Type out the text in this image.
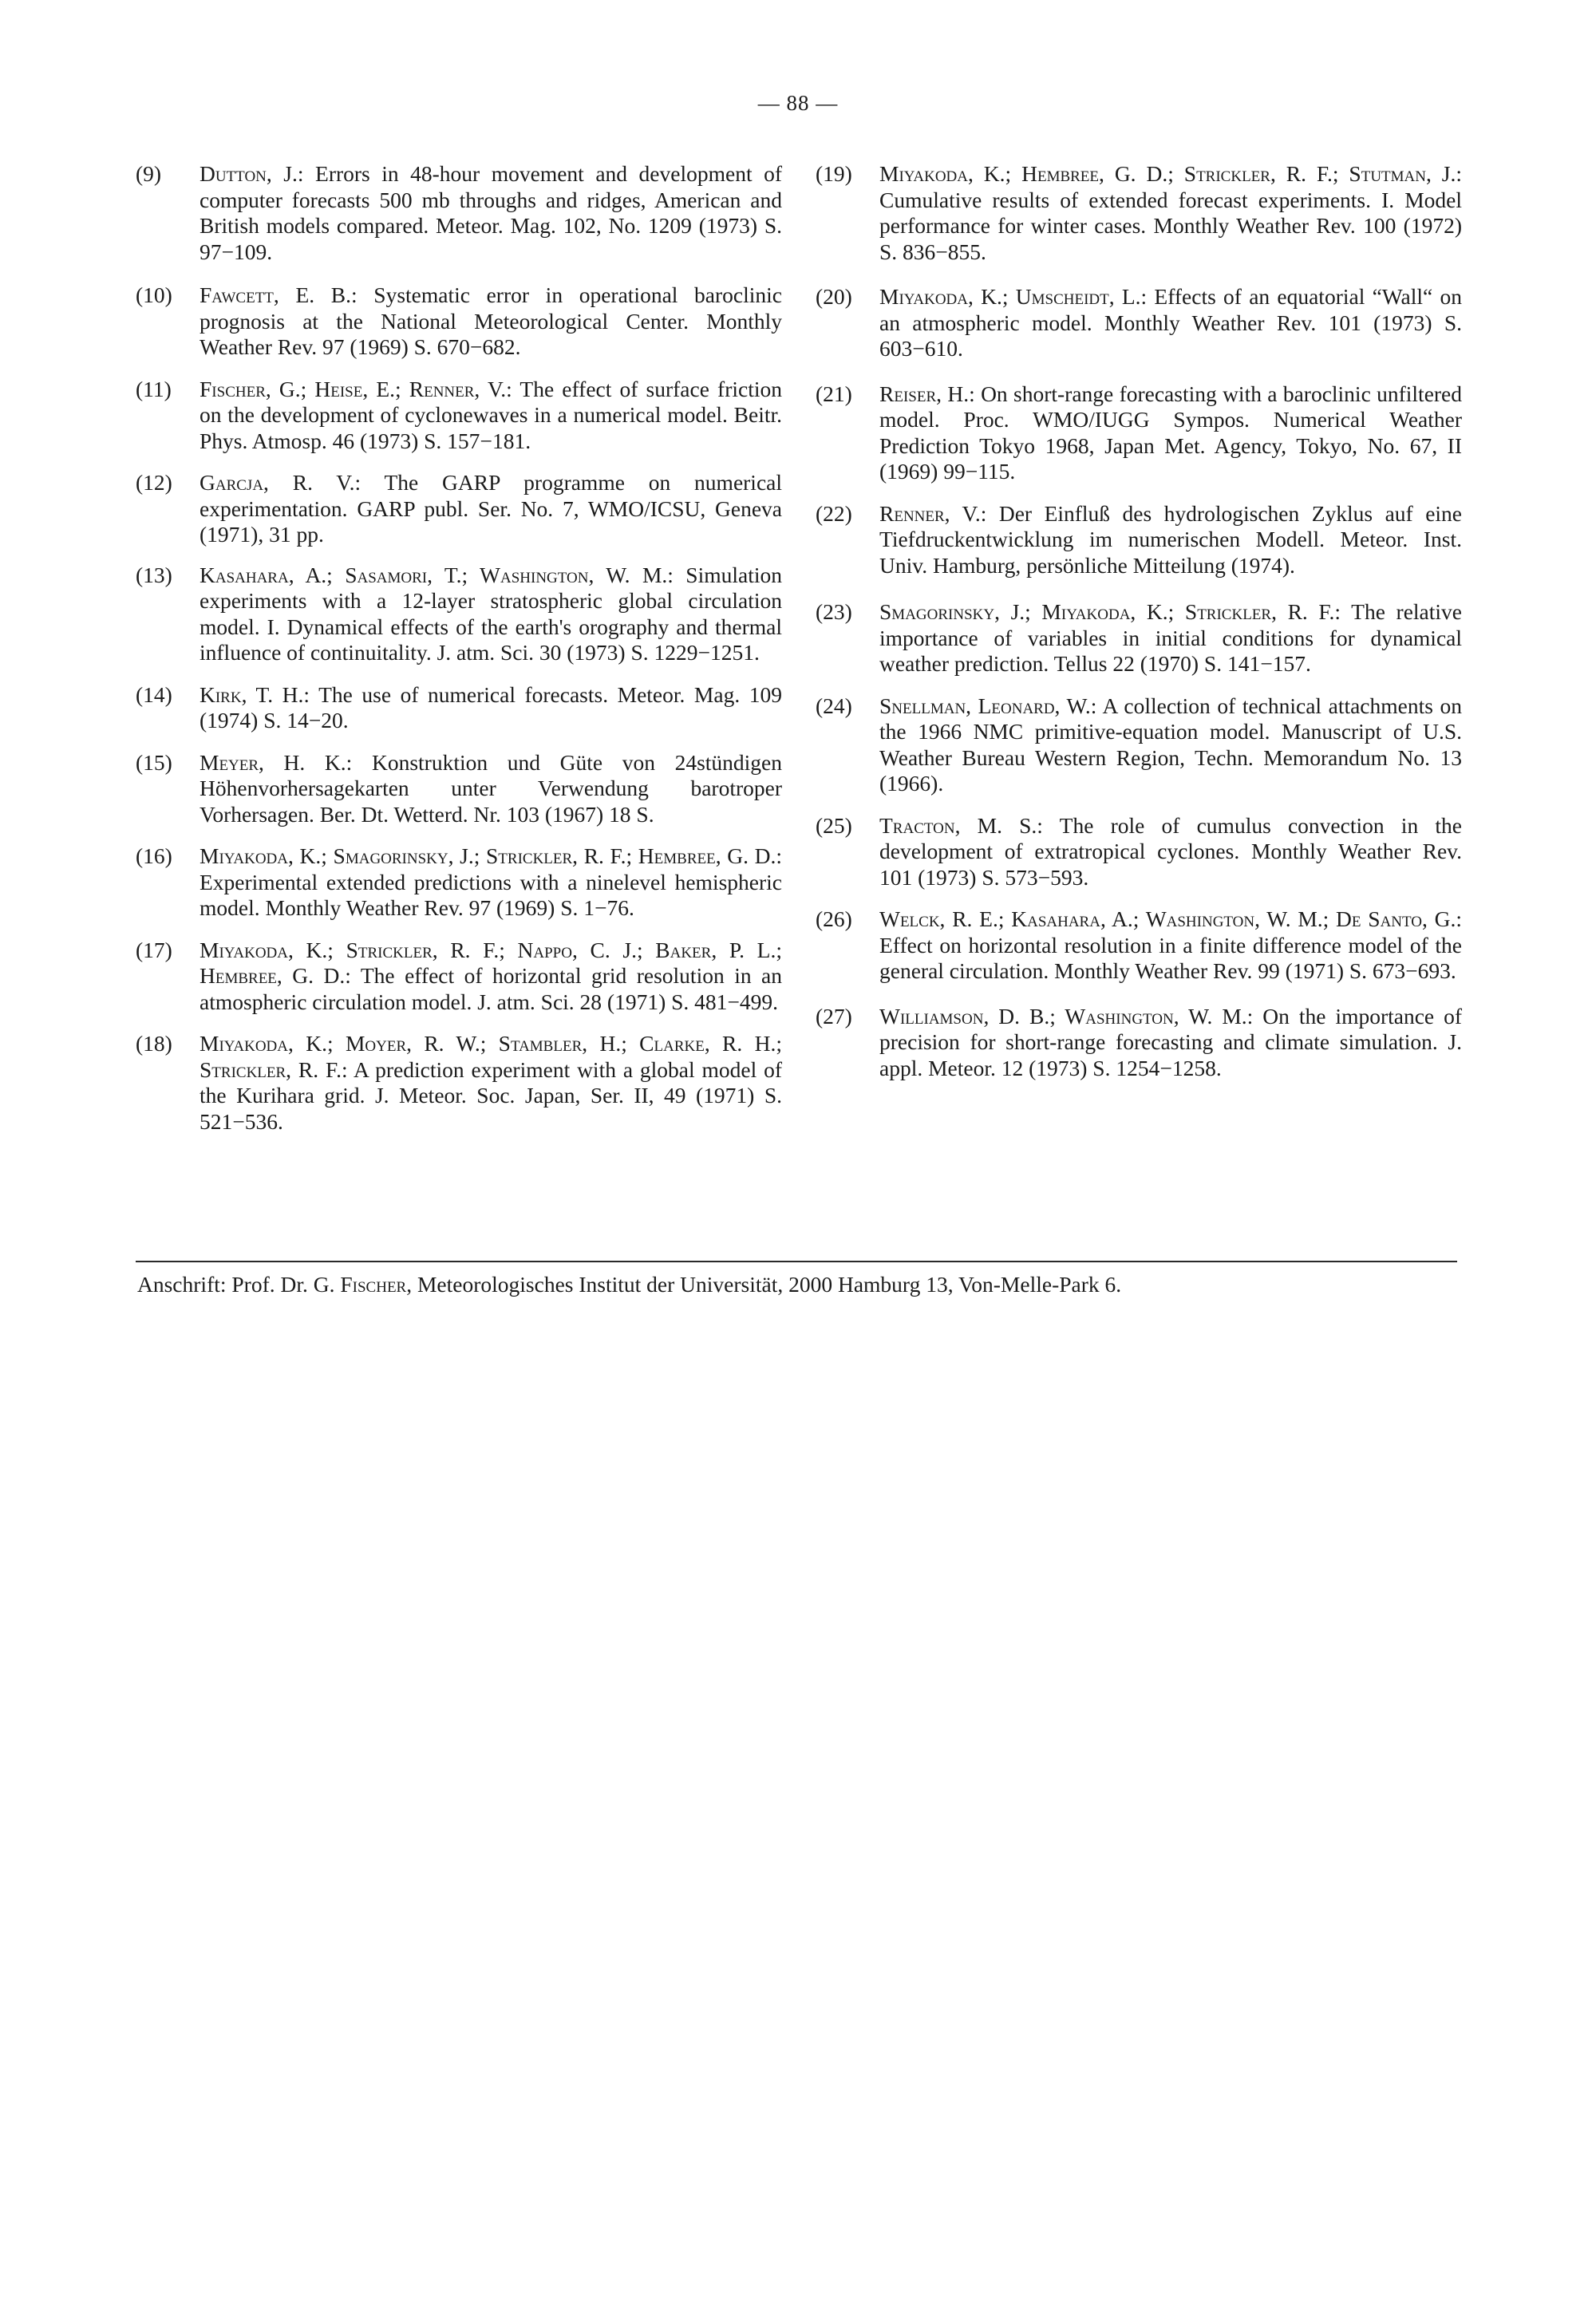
— 88 —
(9)	Dutton, J.: Errors in 48-hour movement and development of computer forecasts 500 mb throughs and ridges, American and British models compared. Meteor. Mag. 102, No. 1209 (1973) S. 97−109.
(10)	Fawcett, E. B.: Systematic error in operational baroclinic prognosis at the National Meteorological Center. Monthly Weather Rev. 97 (1969) S. 670−682.
(11)	Fischer, G.; Heise, E.; Renner, V.: The effect of surface friction on the development of cyclonewaves in a numerical model. Beitr. Phys. Atmosp. 46 (1973) S. 157−181.
(12)	Garcja, R. V.: The GARP programme on numerical experimentation. GARP publ. Ser. No. 7, WMO/ICSU, Geneva (1971), 31 pp.
(13)	Kasahara, A.; Sasamori, T.; Washington, W. M.: Simulation experiments with a 12-layer stratospheric global circulation model. I. Dynamical effects of the earth's orography and thermal influence of continuitality. J. atm. Sci. 30 (1973) S. 1229−1251.
(14)	Kirk, T. H.: The use of numerical forecasts. Meteor. Mag. 109 (1974) S. 14−20.
(15)	Meyer, H. K.: Konstruktion und Güte von 24stündigen Höhenvorhersagekarten unter Verwendung barotroper Vorhersagen. Ber. Dt. Wetterd. Nr. 103 (1967) 18 S.
(16)	Miyakoda, K.; Smagorinsky, J.; Strickler, R. F.; Hembree, G. D.: Experimental extended predictions with a ninelevel hemispheric model. Monthly Weather Rev. 97 (1969) S. 1−76.
(17)	Miyakoda, K.; Strickler, R. F.; Nappo, C. J.; Baker, P. L.; Hembree, G. D.: The effect of horizontal grid resolution in an atmospheric circulation model. J. atm. Sci. 28 (1971) S. 481−499.
(18)	Miyakoda, K.; Moyer, R. W.; Stambler, H.; Clarke, R. H.; Strickler, R. F.: A prediction experiment with a global model of the Kurihara grid. J. Meteor. Soc. Japan, Ser. II, 49 (1971) S. 521−536.
(19)	Miyakoda, K.; Hembree, G. D.; Strickler, R. F.; Stutman, J.: Cumulative results of extended forecast experiments. I. Model performance for winter cases. Monthly Weather Rev. 100 (1972) S. 836−855.
(20)	Miyakoda, K.; Umscheidt, L.: Effects of an equatorial “Wall“ on an atmospheric model. Monthly Weather Rev. 101 (1973) S. 603−610.
(21)	Reiser, H.: On short-range forecasting with a baroclinic unfiltered model. Proc. WMO/IUGG Sympos. Numerical Weather Prediction Tokyo 1968, Japan Met. Agency, Tokyo, No. 67, II (1969) 99−115.
(22)	Renner, V.: Der Einfluß des hydrologischen Zyklus auf eine Tiefdruckentwicklung im numerischen Modell. Meteor. Inst. Univ. Hamburg, persönliche Mitteilung (1974).
(23)	Smagorinsky, J.; Miyakoda, K.; Strickler, R. F.: The relative importance of variables in initial conditions for dynamical weather prediction. Tellus 22 (1970) S. 141−157.
(24)	Snellman, Leonard, W.: A collection of technical attachments on the 1966 NMC primitive-equation model. Manuscript of U.S. Weather Bureau Western Region, Techn. Memorandum No. 13 (1966).
(25)	Tracton, M. S.: The role of cumulus convection in the development of extratropical cyclones. Monthly Weather Rev. 101 (1973) S. 573−593.
(26)	Welck, R. E.; Kasahara, A.; Washington, W. M.; De Santo, G.: Effect on horizontal resolution in a finite difference model of the general circulation. Monthly Weather Rev. 99 (1971) S. 673−693.
(27)	Williamson, D. B.; Washington, W. M.: On the importance of precision for short-range forecasting and climate simulation. J. appl. Meteor. 12 (1973) S. 1254−1258.
Anschrift: Prof. Dr. G. Fischer, Meteorologisches Institut der Universität, 2000 Hamburg 13, Von-Melle-Park 6.
